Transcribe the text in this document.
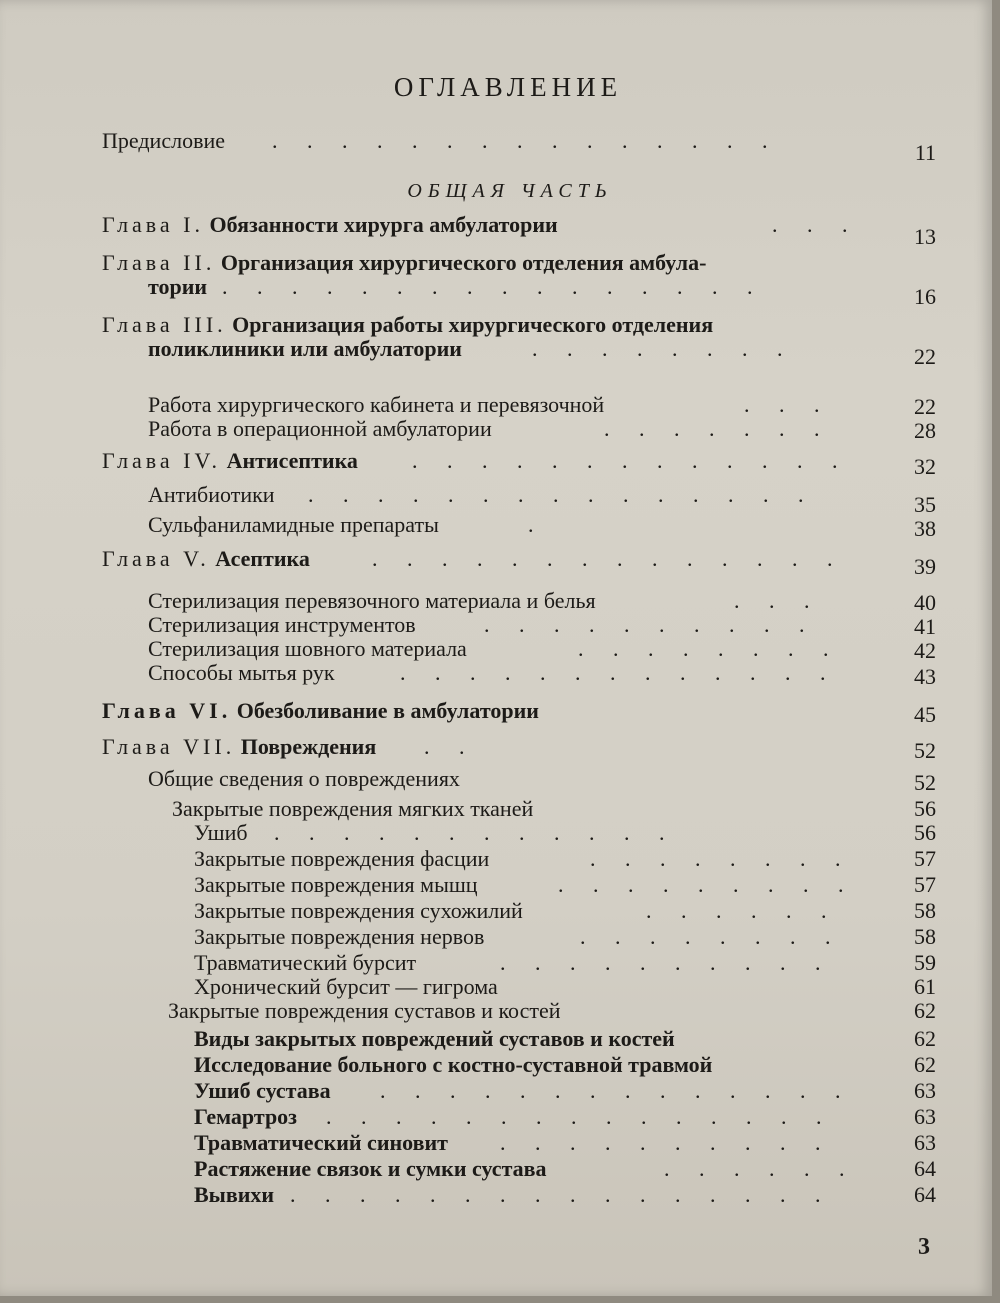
ОГЛАВЛЕНИЕ
ОБЩАЯ ЧАСТЬ
Предисловие . . . . . . . . . . . . . . .	11
Глава I. Обязанности хирурга амбулатории	. . .	13
Глава II. Организация хирургического отделения амбула-
тории . . . . . . . . . . . . . . . .	16
Глава III. Организация работы хирургического отделения
поликлиники или амбулатории	. . . . . . . .	22
Работа хирургического кабинета и перевязочной	. . .	22
Работа в операционной амбулатории	. . . . . . .	28
Глава IV. Антисептика . . . . . . . . . . . . .	32
Антибиотики . . . . . . . . . . . . . . .	35
Сульфаниламидные препараты	.	38
Глава V. Асептика	. . . . . . . . . . . . . .	39
Стерилизация перевязочного материала и белья	. . .	40
Стерилизация инструментов	. . . . . . . . . .	41
Стерилизация шовного материала	. . . . . . . .	42
Способы мытья рук	. . . . . . . . . . . . .	43
Глава VI. Обезболивание в амбулатории	45
Глава VII. Повреждения . .	52
Общие сведения о повреждениях	52
Закрытые повреждения мягких тканей	56
Ушиб . . . . . . . . . . . .	56
Закрытые повреждения фасции	. . . . . . . .	57
Закрытые повреждения мышц	. . . . . . . . .	57
Закрытые повреждения сухожилий	. . . . . .	58
Закрытые повреждения нервов	. . . . . . . .	58
Травматический бурсит	. . . . . . . . . .	59
Хронический бурсит — гигрома	61
Закрытые повреждения суставов и костей	62
Виды закрытых повреждений суставов и костей	62
Исследование больного с костно-суставной травмой	62
Ушиб сустава . . . . . . . . . . . . . .	63
Гемартроз . . . . . . . . . . . . . . .	63
Травматический синовит . . . . . . . . . .	63
Растяжение связок и сумки сустава	. . . . . .	64
Вывихи . . . . . . . . . . . . . . . .	64
3
